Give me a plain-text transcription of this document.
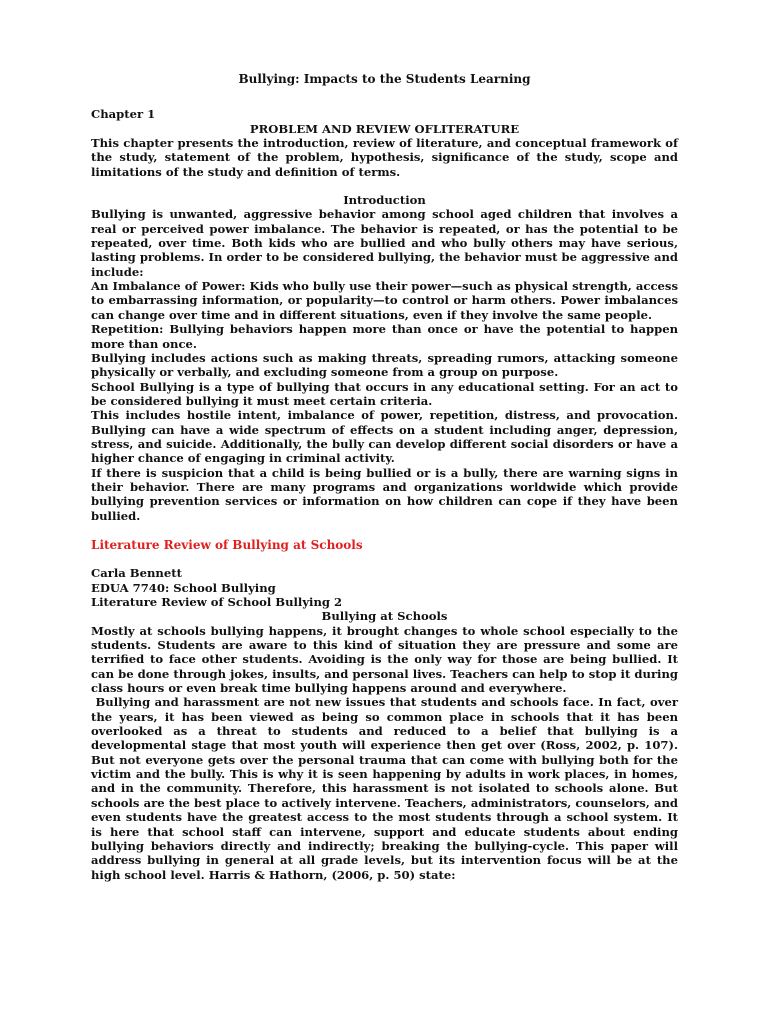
Bullying: Impacts to the Students Learning
Chapter 1
PROBLEM AND REVIEW OFLITERATURE

This chapter presents the introduction, review of literature, and conceptual framework of the study, statement of the problem, hypothesis, significance of the study, scope and limitations of the study and definition of terms.

Introduction

Bullying is unwanted, aggressive behavior among school aged children that involves a real or perceived power imbalance. The behavior is repeated, or has the potential to be repeated, over time. Both kids who are bullied and who bully others may have serious, lasting problems. In order to be considered bullying, the behavior must be aggressive and include:

An Imbalance of Power: Kids who bully use their power—such as physical strength, access to embarrassing information, or popularity—to control or harm others. Power imbalances can change over time and in different situations, even if they involve the same people.

Repetition: Bullying behaviors happen more than once or have the potential to happen more than once.

Bullying includes actions such as making threats, spreading rumors, attacking someone physically or verbally, and excluding someone from a group on purpose.

School Bullying is a type of bullying that occurs in any educational setting. For an act to be considered bullying it must meet certain criteria.

This includes hostile intent, imbalance of power, repetition, distress, and provocation. Bullying can have a wide spectrum of effects on a student including anger, depression, stress, and suicide. Additionally, the bully can develop different social disorders or have a higher chance of engaging in criminal activity.

If there is suspicion that a child is being bullied or is a bully, there are warning signs in their behavior. There are many programs and organizations worldwide which provide bullying prevention services or information on how children can cope if they have been bullied.

Literature Review of Bullying at Schools
Carla Bennett
EDUA 7740: School Bullying
Literature Review of School Bullying 2
Bullying at Schools

Mostly at schools bullying happens, it brought changes to whole school especially to the students. Students are aware to this kind of situation they are pressure and some are terrified to face other students. Avoiding is the only way for those are being bullied. It can be done through jokes, insults, and personal lives. Teachers can help to stop it during class hours or even break time bullying happens around and everywhere.

Bullying and harassment are not new issues that students and schools face. In fact, over the years, it has been viewed as being so common place in schools that it has been overlooked as a threat to students and reduced to a belief that bullying is a developmental stage that most youth will experience then get over (Ross, 2002, p. 107). But not everyone gets over the personal trauma that can come with bullying both for the victim and the bully. This is why it is seen happening by adults in work places, in homes, and in the community. Therefore, this harassment is not isolated to schools alone. But schools are the best place to actively intervene. Teachers, administrators, counselors, and even students have the greatest access to the most students through a school system. It is here that school staff can intervene, support and educate students about ending bullying behaviors directly and indirectly; breaking the bullying-cycle. This paper will address bullying in general at all grade levels, but its intervention focus will be at the high school level. Harris & Hathorn, (2006, p. 50) state:
